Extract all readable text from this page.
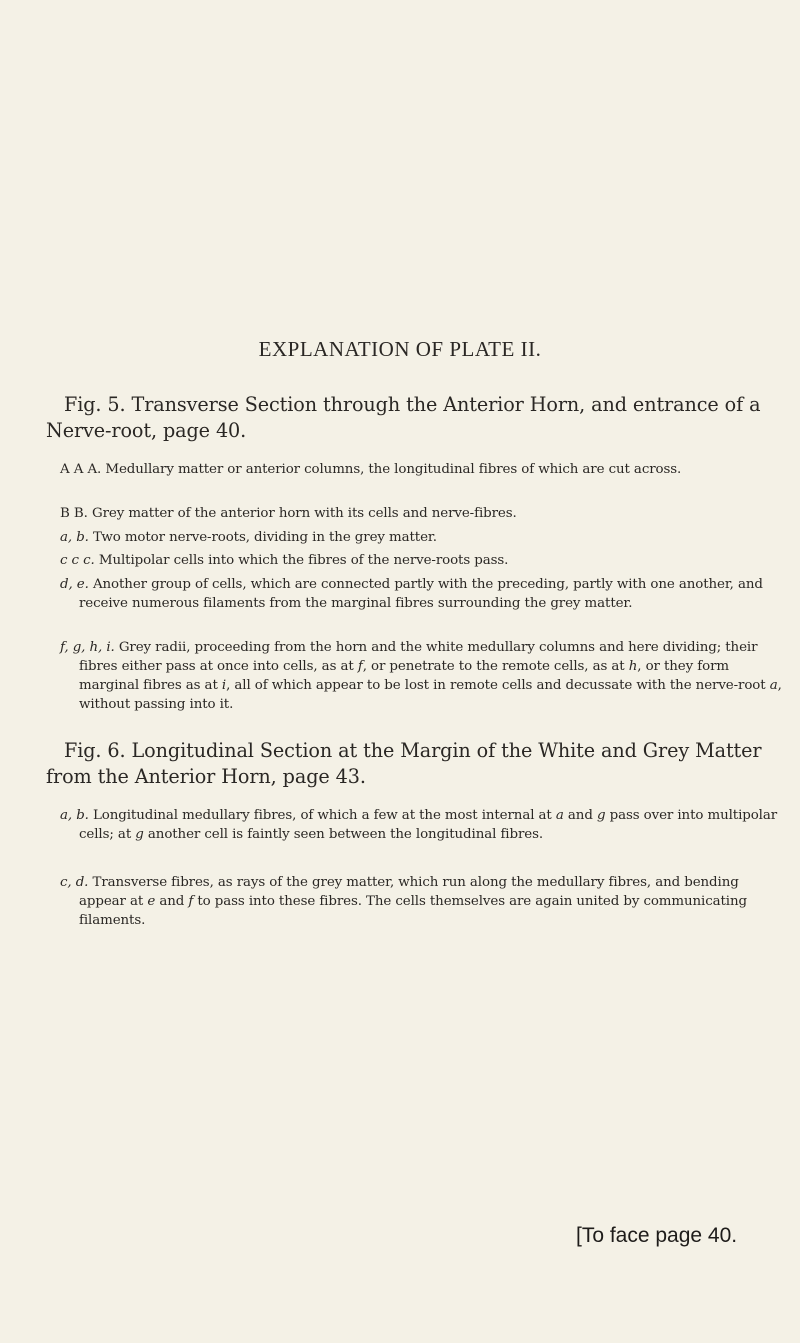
EXPLANATION OF PLATE II.
Fig. 5. Transverse Section through the Anterior Horn, and entrance of a Nerve-root, page 40.
A A A. Medullary matter or anterior columns, the longitudinal fibres of which are cut across.
B B. Grey matter of the anterior horn with its cells and nerve-fibres.
a, b. Two motor nerve-roots, dividing in the grey matter.
c c c. Multipolar cells into which the fibres of the nerve-roots pass.
d, e. Another group of cells, which are connected partly with the preceding, partly with one another, and receive numerous filaments from the marginal fibres surrounding the grey matter.
f, g, h, i. Grey radii, proceeding from the horn and the white medullary columns and here dividing; their fibres either pass at once into cells, as at f, or penetrate to the remote cells, as at h, or they form marginal fibres as at i, all of which appear to be lost in remote cells and decussate with the nerve-root a, without passing into it.
Fig. 6. Longitudinal Section at the Margin of the White and Grey Matter from the Anterior Horn, page 43.
a, b. Longitudinal medullary fibres, of which a few at the most internal at a and g pass over into multipolar cells; at g another cell is faintly seen between the longitudinal fibres.
c, d. Transverse fibres, as rays of the grey matter, which run along the medullary fibres, and bending appear at e and f to pass into these fibres. The cells themselves are again united by communicating filaments.
[To face page 40.
